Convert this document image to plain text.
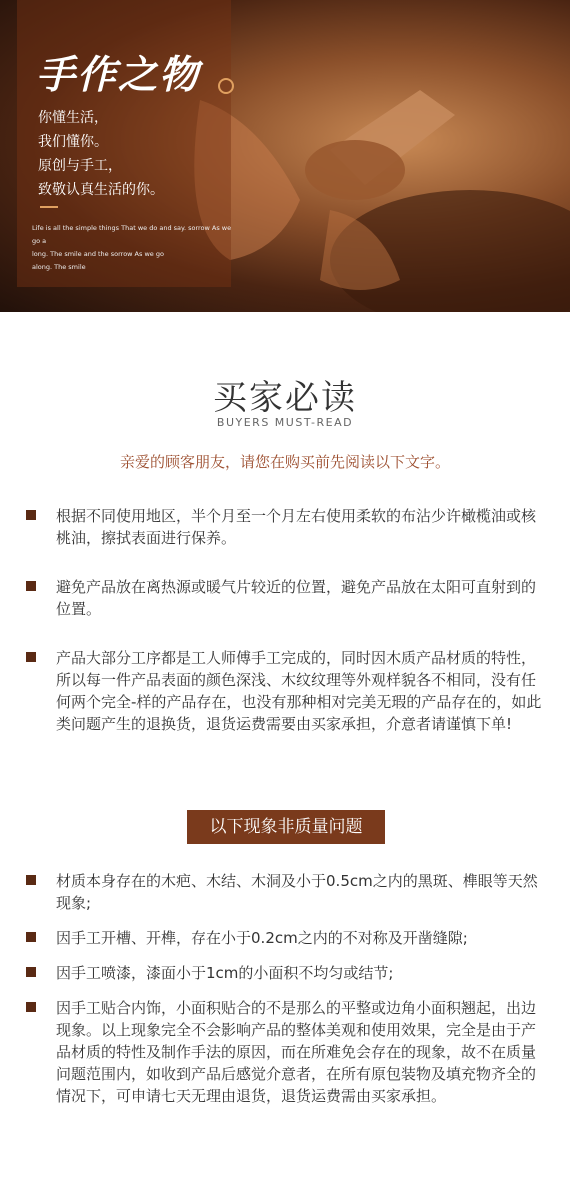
手作之物
你懂生活，
我们懂你。
原创与手工，
致敬认真生活的你。
Life is all the simple things That we do and say. sorrow As we go a
long. The smile and the sorrow As we go
along. The smile
买家必读
BUYERS MUST-READ
亲爱的顾客朋友，请您在购买前先阅读以下文字。
根据不同使用地区，半个月至一个月左右使用柔软的布沾少许橄榄油或核桃油，擦拭表面进行保养。
避免产品放在离热源或暖气片较近的位置，避免产品放在太阳可直射到的位置。
产品大部分工序都是工人师傅手工完成的，同时因木质产品材质的特性，所以每一件产品表面的颜色深浅、木纹纹理等外观样貌各不相同，没有任何两个完全-样的产品存在，也没有那种相对完美无瑕的产品存在的，如此类问题产生的退换货，退货运费需要由买家承担，介意者请谨慎下单!
以下现象非质量问题
材质本身存在的木疤、木结、木洞及小于0.5cm之内的黑斑、榫眼等天然现象;
因手工开槽、开榫，存在小于0.2cm之内的不对称及开凿缝隙;
因手工喷漆，漆面小于1cm的小面积不均匀或结节;
因手工贴合内饰，小面积贴合的不是那么的平整或边角小面积翘起，出边现象。以上现象完全不会影响产品的整体美观和使用效果，完全是由于产品材质的特性及制作手法的原因，而在所难免会存在的现象，故不在质量问题范围内，如收到产品后感觉介意者，在所有原包装物及填充物齐全的情况下，可申请七天无理由退货，退货运费需由买家承担。
